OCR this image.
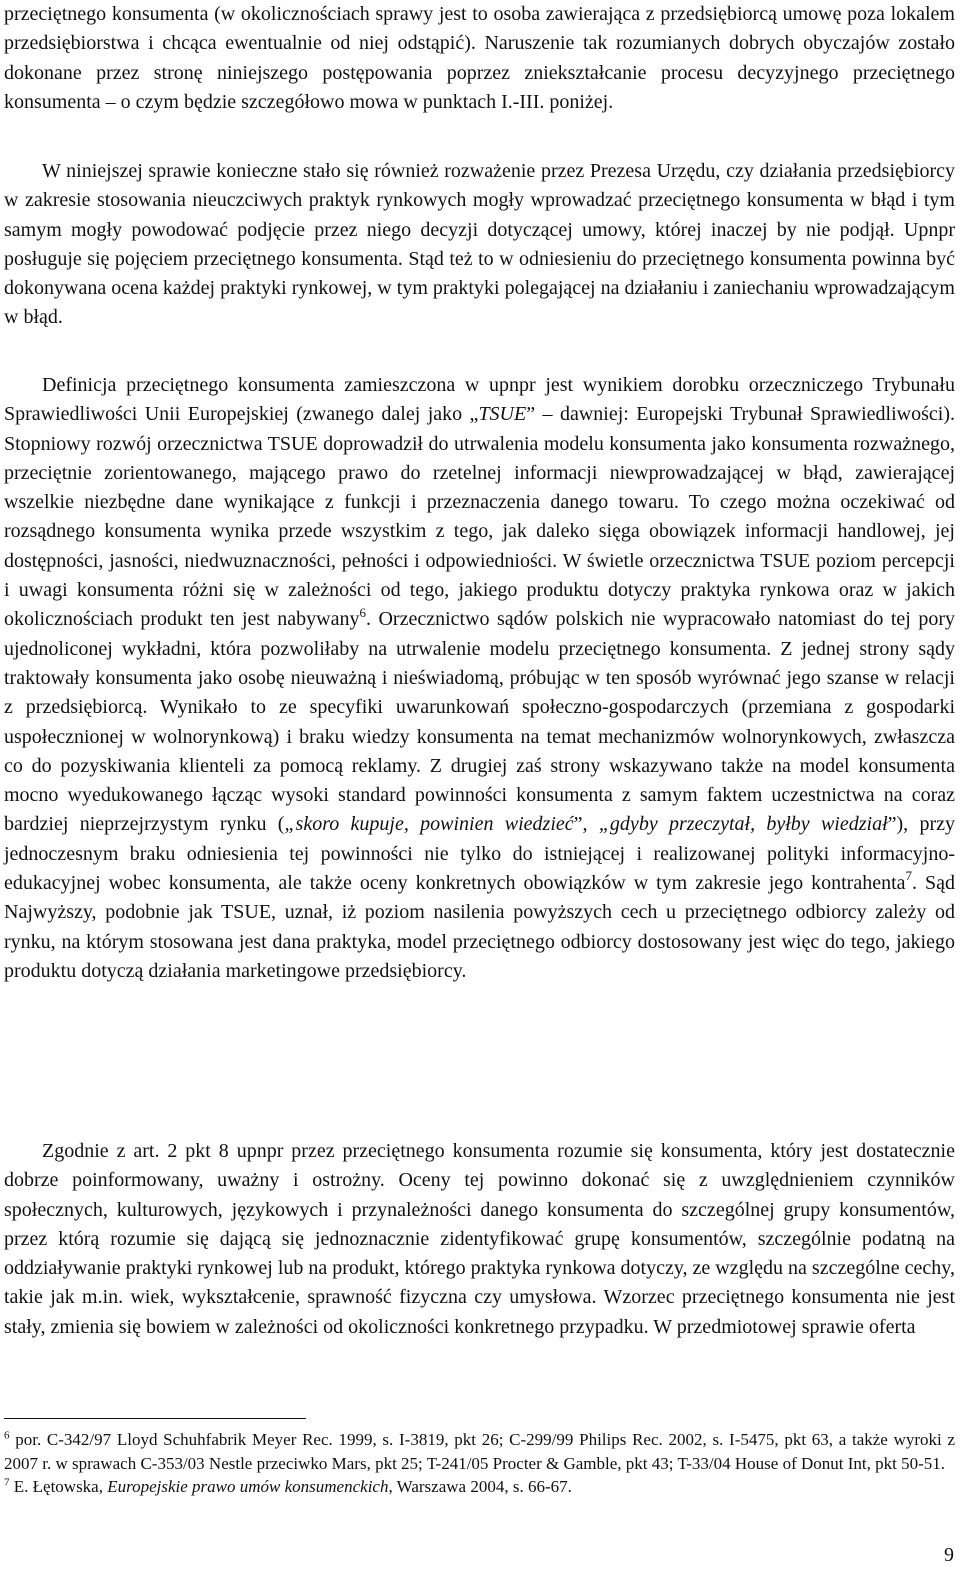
przeciętnego konsumenta (w okolicznościach sprawy jest to osoba zawierająca z przedsiębiorcą umowę poza lokalem przedsiębiorstwa i chcąca ewentualnie od niej odstąpić). Naruszenie tak rozumianych dobrych obyczajów zostało dokonane przez stronę niniejszego postępowania poprzez zniekształcanie procesu decyzyjnego przeciętnego konsumenta – o czym będzie szczegółowo mowa w punktach I.-III. poniżej.

W niniejszej sprawie konieczne stało się również rozważenie przez Prezesa Urzędu, czy działania przedsiębiorcy w zakresie stosowania nieuczciwych praktyk rynkowych mogły wprowadzać przeciętnego konsumenta w błąd i tym samym mogły powodować podjęcie przez niego decyzji dotyczącej umowy, której inaczej by nie podjął. Upnpr posługuje się pojęciem przeciętnego konsumenta. Stąd też to w odniesieniu do przeciętnego konsumenta powinna być dokonywana ocena każdej praktyki rynkowej, w tym praktyki polegającej na działaniu i zaniechaniu wprowadzającym w błąd.

Definicja przeciętnego konsumenta zamieszczona w upnpr jest wynikiem dorobku orzeczniczego Trybunału Sprawiedliwości Unii Europejskiej (zwanego dalej jako „TSUE” – dawniej: Europejski Trybunał Sprawiedliwości). Stopniowy rozwój orzecznictwa TSUE doprowadził do utrwalenia modelu konsumenta jako konsumenta rozważnego, przeciętnie zorientowanego, mającego prawo do rzetelnej informacji niewprowadzającej w błąd, zawierającej wszelkie niezbędne dane wynikające z funkcji i przeznaczenia danego towaru. To czego można oczekiwać od rozsądnego konsumenta wynika przede wszystkim z tego, jak daleko sięga obowiązek informacji handlowej, jej dostępności, jasności, niedwuznaczności, pełności i odpowiedniości. W świetle orzecznictwa TSUE poziom percepcji i uwagi konsumenta różni się w zależności od tego, jakiego produktu dotyczy praktyka rynkowa oraz w jakich okolicznościach produkt ten jest nabywany$^6$. Orzecznictwo sądów polskich nie wypracowało natomiast do tej pory ujednoliconej wykładni, która pozwoliłaby na utrwalenie modelu przeciętnego konsumenta. Z jednej strony sądy traktowały konsumenta jako osobę nieuważną i nieświadomą, próbując w ten sposób wyrównać jego szanse w relacji z przedsiębiorcą. Wynikało to ze specyfiki uwarunkowań społeczno-gospodarczych (przemiana z gospodarki uspołecznionej w wolnorynkową) i braku wiedzy konsumenta na temat mechanizmów wolnorynkowych, zwłaszcza co do pozyskiwania klienteli za pomocą reklamy. Z drugiej zaś strony wskazywano także na model konsumenta mocno wyedukowanego łącząc wysoki standard powinności konsumenta z samym faktem uczestnictwa na coraz bardziej nieprzejrzystym rynku („skoro kupuje, powinien wiedzieć”, „gdyby przeczytał, byłby wiedział”), przy jednoczesnym braku odniesienia tej powinności nie tylko do istniejącej i realizowanej polityki informacyjno-edukacyjnej wobec konsumenta, ale także oceny konkretnych obowiązków w tym zakresie jego kontrahenta$^7$. Sąd Najwyższy, podobnie jak TSUE, uznał, iż poziom nasilenia powyższych cech u przeciętnego odbiorcy zależy od rynku, na którym stosowana jest dana praktyka, model przeciętnego odbiorcy dostosowany jest więc do tego, jakiego produktu dotyczą działania marketingowe przedsiębiorcy.

Zgodnie z art. 2 pkt 8 upnpr przez przeciętnego konsumenta rozumie się konsumenta, który jest dostatecznie dobrze poinformowany, uważny i ostrożny. Oceny tej powinno dokonać się z uwzględnieniem czynników społecznych, kulturowych, językowych i przynależności danego konsumenta do szczególnej grupy konsumentów, przez którą rozumie się dającą się jednoznacznie zidentyfikować grupę konsumentów, szczególnie podatną na oddziaływanie praktyki rynkowej lub na produkt, którego praktyka rynkowa dotyczy, ze względu na szczególne cechy, takie jak m.in. wiek, wykształcenie, sprawność fizyczna czy umysłowa. Wzorzec przeciętnego konsumenta nie jest stały, zmienia się bowiem w zależności od okoliczności konkretnego przypadku. W przedmiotowej sprawie oferta

$^6$ por. C-342/97 Lloyd Schuhfabrik Meyer Rec. 1999, s. I-3819, pkt 26; C-299/99 Philips Rec. 2002, s. I-5475, pkt 63, a także wyroki z 2007 r. w sprawach C-353/03 Nestle przeciwko Mars, pkt 25; T-241/05 Procter & Gamble, pkt 43; T-33/04 House of Donut Int, pkt 50-51.

$^7$ E. Łętowska, Europejskie prawo umów konsumenckich, Warszawa 2004, s. 66-67.

9
